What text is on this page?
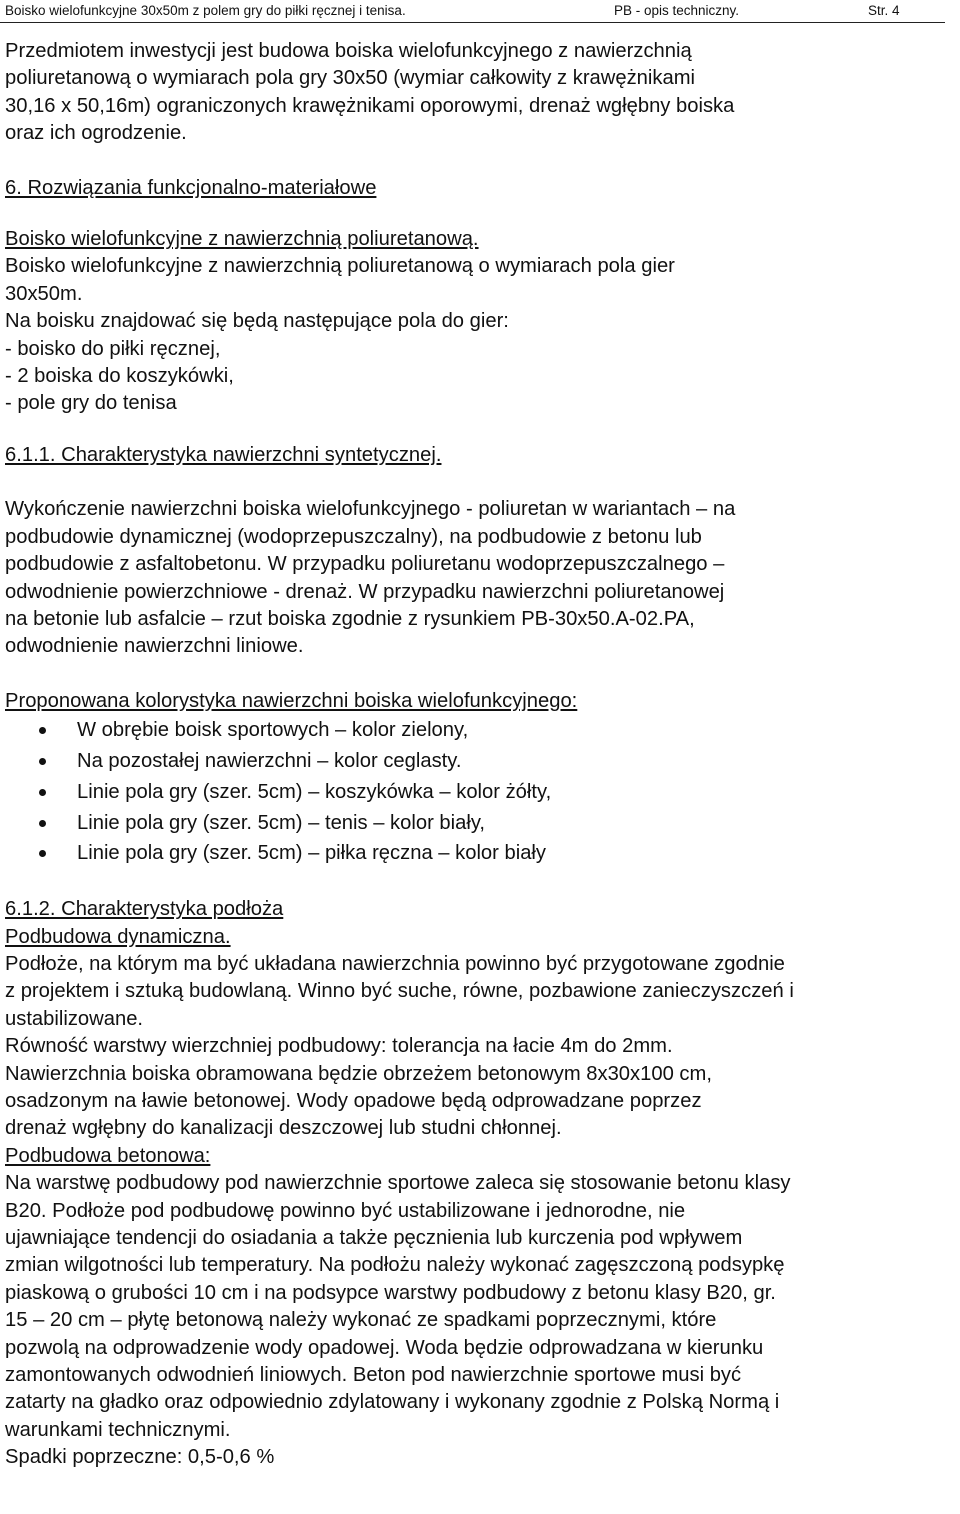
Boisko wielofunkcyjne 30x50m z polem gry do piłki ręcznej i tenisa.	PB - opis techniczny.	Str. 4

Przedmiotem inwestycji jest budowa boiska wielofunkcyjnego z nawierzchnią

poliuretanową o wymiarach pola gry 30x50 (wymiar całkowity z krawężnikami

30,16 x 50,16m) ograniczonych krawężnikami oporowymi, drenaż wgłębny boiska

oraz ich ogrodzenie.

6. Rozwiązania funkcjonalno-materiałowe

Boisko wielofunkcyjne z nawierzchnią poliuretanową.

Boisko wielofunkcyjne z nawierzchnią poliuretanową o wymiarach pola gier

30x50m.

Na boisku znajdować się będą następujące pola do gier:

- boisko do piłki ręcznej,

- 2 boiska do koszykówki,

- pole gry do tenisa

6.1.1. Charakterystyka nawierzchni syntetycznej.

Wykończenie nawierzchni boiska wielofunkcyjnego - poliuretan w wariantach – na

podbudowie dynamicznej (wodoprzepuszczalny), na podbudowie z betonu lub

podbudowie z asfaltobetonu. W przypadku poliuretanu wodoprzepuszczalnego –

odwodnienie powierzchniowe - drenaż. W przypadku nawierzchni poliuretanowej

na betonie lub asfalcie – rzut boiska zgodnie z rysunkiem PB-30x50.A-02.PA,

odwodnienie nawierzchni liniowe.

Proponowana kolorystyka nawierzchni boiska wielofunkcyjnego:

W obrębie boisk sportowych – kolor zielony,
Na pozostałej nawierzchni – kolor ceglasty.
Linie pola gry (szer. 5cm) – koszykówka – kolor żółty,
Linie pola gry (szer. 5cm) – tenis – kolor biały,
Linie pola gry (szer. 5cm) – piłka ręczna – kolor biały

6.1.2. Charakterystyka podłoża

Podbudowa dynamiczna.

Podłoże, na którym ma być układana nawierzchnia powinno być przygotowane zgodnie

z projektem i sztuką budowlaną. Winno być suche, równe, pozbawione zanieczyszczeń i

ustabilizowane.

Równość warstwy wierzchniej podbudowy: tolerancja na łacie 4m do 2mm.

Nawierzchnia boiska obramowana będzie obrzeżem betonowym 8x30x100 cm,

osadzonym na ławie betonowej. Wody opadowe będą odprowadzane poprzez

drenaż wgłębny do kanalizacji deszczowej lub studni chłonnej.

Podbudowa betonowa:

Na warstwę podbudowy pod nawierzchnie sportowe zaleca się stosowanie betonu klasy

B20. Podłoże pod podbudowę powinno być ustabilizowane i jednorodne, nie

ujawniające tendencji do osiadania a także pęcznienia lub kurczenia pod wpływem

zmian wilgotności lub temperatury. Na podłożu należy wykonać zagęszczoną podsypkę

piaskową o grubości 10 cm i na podsypce warstwy podbudowy z betonu klasy B20, gr.

15 – 20 cm – płytę betonową należy wykonać ze spadkami poprzecznymi, które

pozwolą na odprowadzenie wody opadowej. Woda będzie odprowadzana w kierunku

zamontowanych odwodnień liniowych. Beton pod nawierzchnie sportowe musi być

zatarty na gładko oraz odpowiednio zdylatowany i wykonany zgodnie z Polską Normą i

warunkami technicznymi.

Spadki poprzeczne: 0,5-0,6 %
